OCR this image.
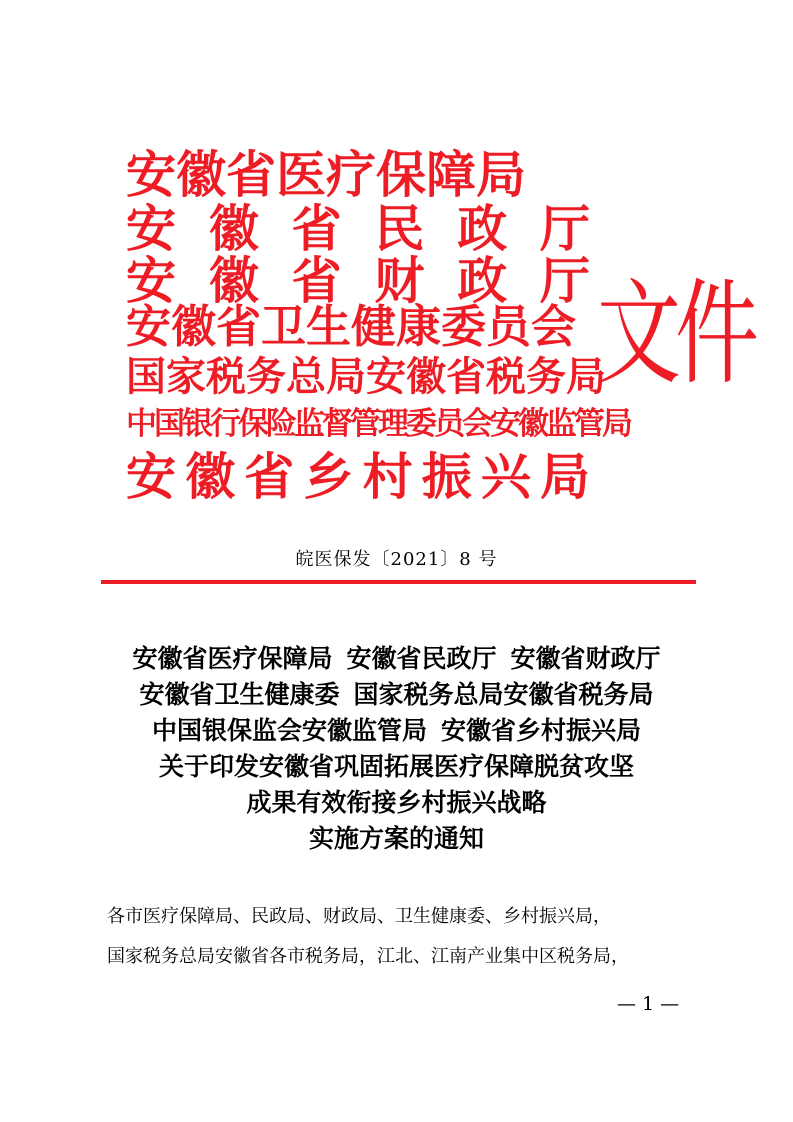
安徽省医疗保障局
安 徽 省 民 政 厅
安 徽 省 财 政 厅
安徽省卫生健康委员会
国家税务总局安徽省税务局
中国银行保险监督管理委员会安徽监管局
安 徽 省 乡 村 振 兴 局
文件
皖医保发〔2021〕8 号
安徽省医疗保障局 安徽省民政厅 安徽省财政厅
安徽省卫生健康委 国家税务总局安徽省税务局
中国银保监会安徽监管局 安徽省乡村振兴局
关于印发安徽省巩固拓展医疗保障脱贫攻坚
成果有效衔接乡村振兴战略
实施方案的通知
各市医疗保障局、民政局、财政局、卫生健康委、乡村振兴局，
国家税务总局安徽省各市税务局，江北、江南产业集中区税务局，
— 1 —
